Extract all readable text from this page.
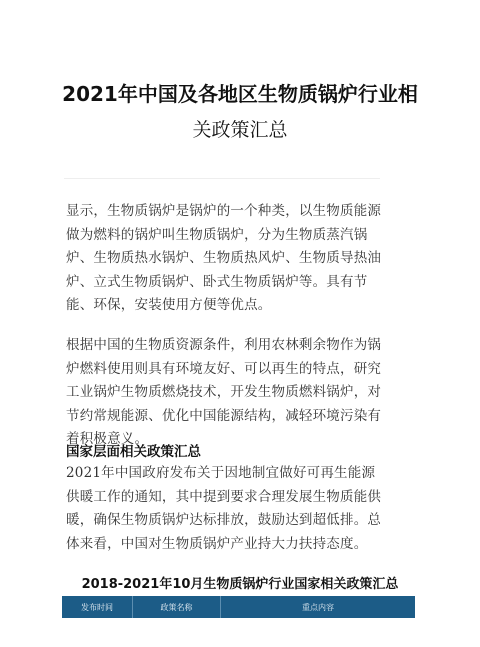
2021年中国及各地区生物质锅炉行业相
关政策汇总
显示，生物质锅炉是锅炉的一个种类，以生物质能源做为燃料的锅炉叫生物质锅炉，分为生物质蒸汽锅炉、生物质热水锅炉、生物质热风炉、生物质导热油炉、立式生物质锅炉、卧式生物质锅炉等。具有节能、环保，安装使用方便等优点。
根据中国的生物质资源条件，利用农林剩余物作为锅炉燃料使用则具有环境友好、可以再生的特点，研究工业锅炉生物质燃烧技术，开发生物质燃料锅炉，对节约常规能源、优化中国能源结构，减轻环境污染有着积极意义。
国家层面相关政策汇总
2021年中国政府发布关于因地制宜做好可再生能源供暖工作的通知，其中提到要求合理发展生物质能供暖，确保生物质锅炉达标排放，鼓励达到超低排。总体来看，中国对生物质锅炉产业持大力扶持态度。
2018-2021年10月生物质锅炉行业国家相关政策汇总
发布时间	政策名称	重点内容
